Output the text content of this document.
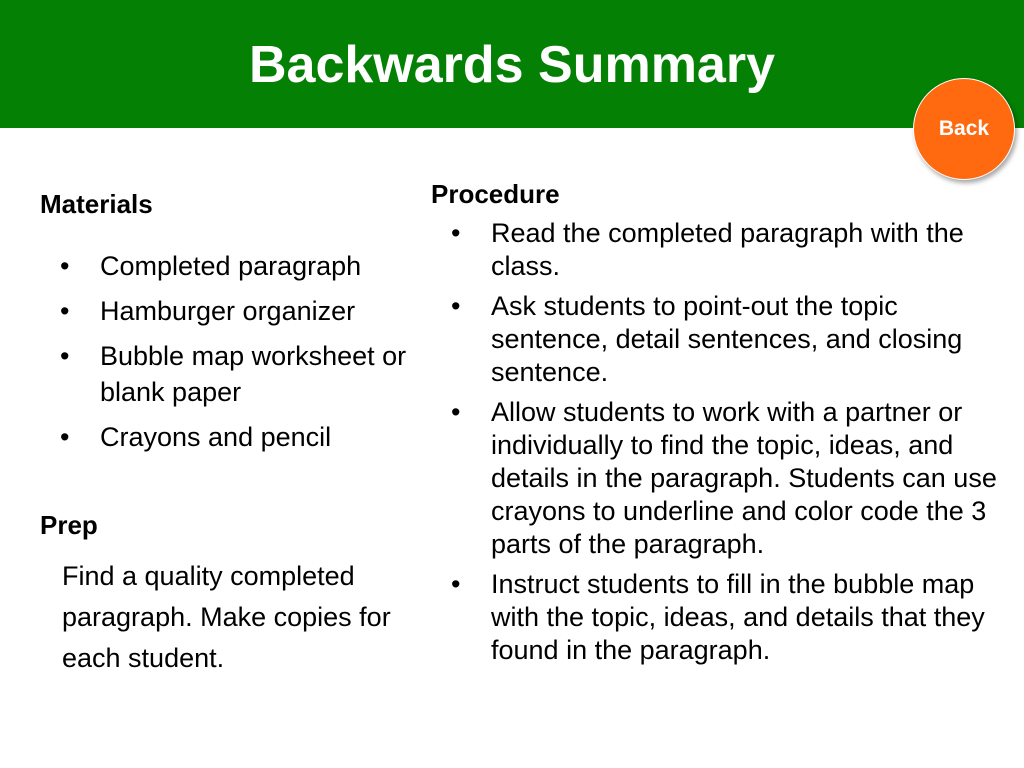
Backwards Summary
Back
Materials
• Completed paragraph
• Hamburger organizer
• Bubble map worksheet or blank paper
• Crayons and pencil
Prep

Find a quality completed paragraph. Make copies for each student.

Procedure
• Read the completed paragraph with the class.
• Ask students to point-out the topic sentence, detail sentences, and closing sentence.
• Allow students to work with a partner or individually to find the topic, ideas, and details in the paragraph. Students can use crayons to underline and color code the 3 parts of the paragraph.
• Instruct students to fill in the bubble map with the topic, ideas, and details that they found in the paragraph.
